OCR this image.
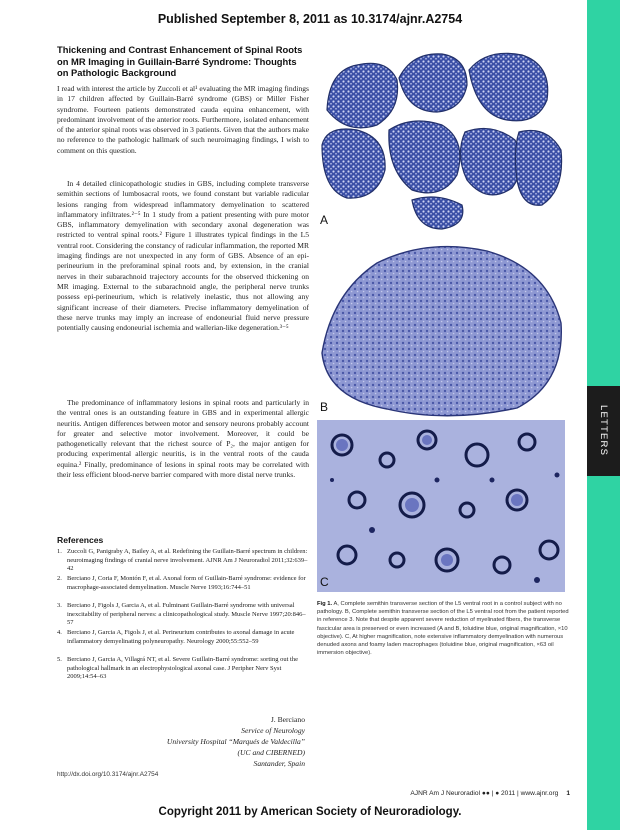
Published September 8, 2011 as 10.3174/ajnr.A2754
LETTERS
Thickening and Contrast Enhancement of Spinal Roots on MR Imaging in Guillain-Barré Syndrome: Thoughts on Pathologic Background

I read with interest the article by Zuccoli et al¹ evaluating the MR imaging findings in 17 children affected by Guillain-Barré syndrome (GBS) or Miller Fisher syndrome. Fourteen patients demonstrated cauda equina enhancement, with predominant involvement of the anterior roots. Furthermore, isolated enhancement of the anterior spinal roots was observed in 3 patients. Given that the authors make no reference to the pathologic hallmark of such neuroimaging findings, I wish to comment on this question.

In 4 detailed clinicopathologic studies in GBS, including complete transverse semithin sections of lumbosacral roots, we found constant but variable radicular lesions ranging from widespread inflammatory demyelination to scattered inflammatory infiltrates.²⁻⁵ In 1 study from a patient presenting with pure motor GBS, inflammatory demyelination with secondary axonal degeneration was restricted to ventral spinal roots.² Figure 1 illustrates typical findings in the L5 ventral root. Considering the constancy of radicular inflammation, the reported MR imaging findings are not unexpected in any form of GBS. Absence of an epi-perineurium in the preforaminal spinal roots and, by extension, in the cranial nerves in their subarachnoid trajectory accounts for the observed thickening on MR imaging. External to the subarachnoid angle, the peripheral nerve trunks possess epi-perineurium, which is relatively inelastic, thus not allowing any significant increase of their diameters. Precise inflammatory demyelination of these nerve trunks may imply an increase of endoneurial fluid nerve pressure potentially causing endoneurial ischemia and wallerian-like degeneration.³⁻⁵

The predominance of inflammatory lesions in spinal roots and particularly in the ventral ones is an outstanding feature in GBS and in experimental allergic neuritis. Antigen differences between motor and sensory neurons probably account for greater and selective motor involvement. Moreover, it could be pathogenetically relevant that the richest source of P₂, the major antigen for producing experimental allergic neuritis, is in the ventral roots of the cauda equina.² Finally, predominance of lesions in spinal roots may be correlated with their less efficient blood-nerve barrier compared with more distal nerve trunks.

References
1. Zuccoli G, Panigraby A, Bailey A, et al. Redefining the Guillain-Barré spectrum in children: neuroimaging findings of cranial nerve involvement. AJNR Am J Neuroradiol 2011;32:639–42
2. Berciano J, Coria F, Montón F, et al. Axonal form of Guillain-Barré syndrome: evidence for macrophage-associated demyelination. Muscle Nerve 1993;16:744–51
3. Berciano J, Figols J, Garcia A, et al. Fulminant Guillain-Barré syndrome with universal inexcitability of peripheral nerves: a clinicopathological study. Muscle Nerve 1997;20:846–57
4. Berciano J, Garcia A, Figols J, et al. Perineurium contributes to axonal damage in acute inflammatory demyelinating polyneuropathy. Neurology 2000;55:552–59
5. Berciano J, Garcia A, Villagrá NT, et al. Severe Guillain-Barré syndrome: sorting out the pathological hallmark in an electrophysiological axonal case. J Peripher Nerv Syst 2009;14:54–63
J. Berciano
Service of Neurology
University Hospital “Marqués de Valdecilla”
(UC and CIBERNED)
Santander, Spain
http://dx.doi.org/10.3174/ajnr.A2754
A
B
C

Fig 1. A, Complete semithin transverse section of the L5 ventral root in a control subject with no pathology. B, Complete semithin transverse section of the L5 ventral root from the patient reported in reference 3. Note that despite apparent severe reduction of myelinated fibers, the transverse fascicular area is preserved or even increased (A and B, toluidine blue, original magnification, ×10 objective). C, At higher magnification, note extensive inflammatory demyelination with numerous denuded axons and foamy laden macrophages (toluidine blue, original magnification, ×63 oil immersion objective).

AJNR Am J Neuroradiol ●● | ● 2011 | www.ajnr.org 1
Copyright 2011 by American Society of Neuroradiology.
